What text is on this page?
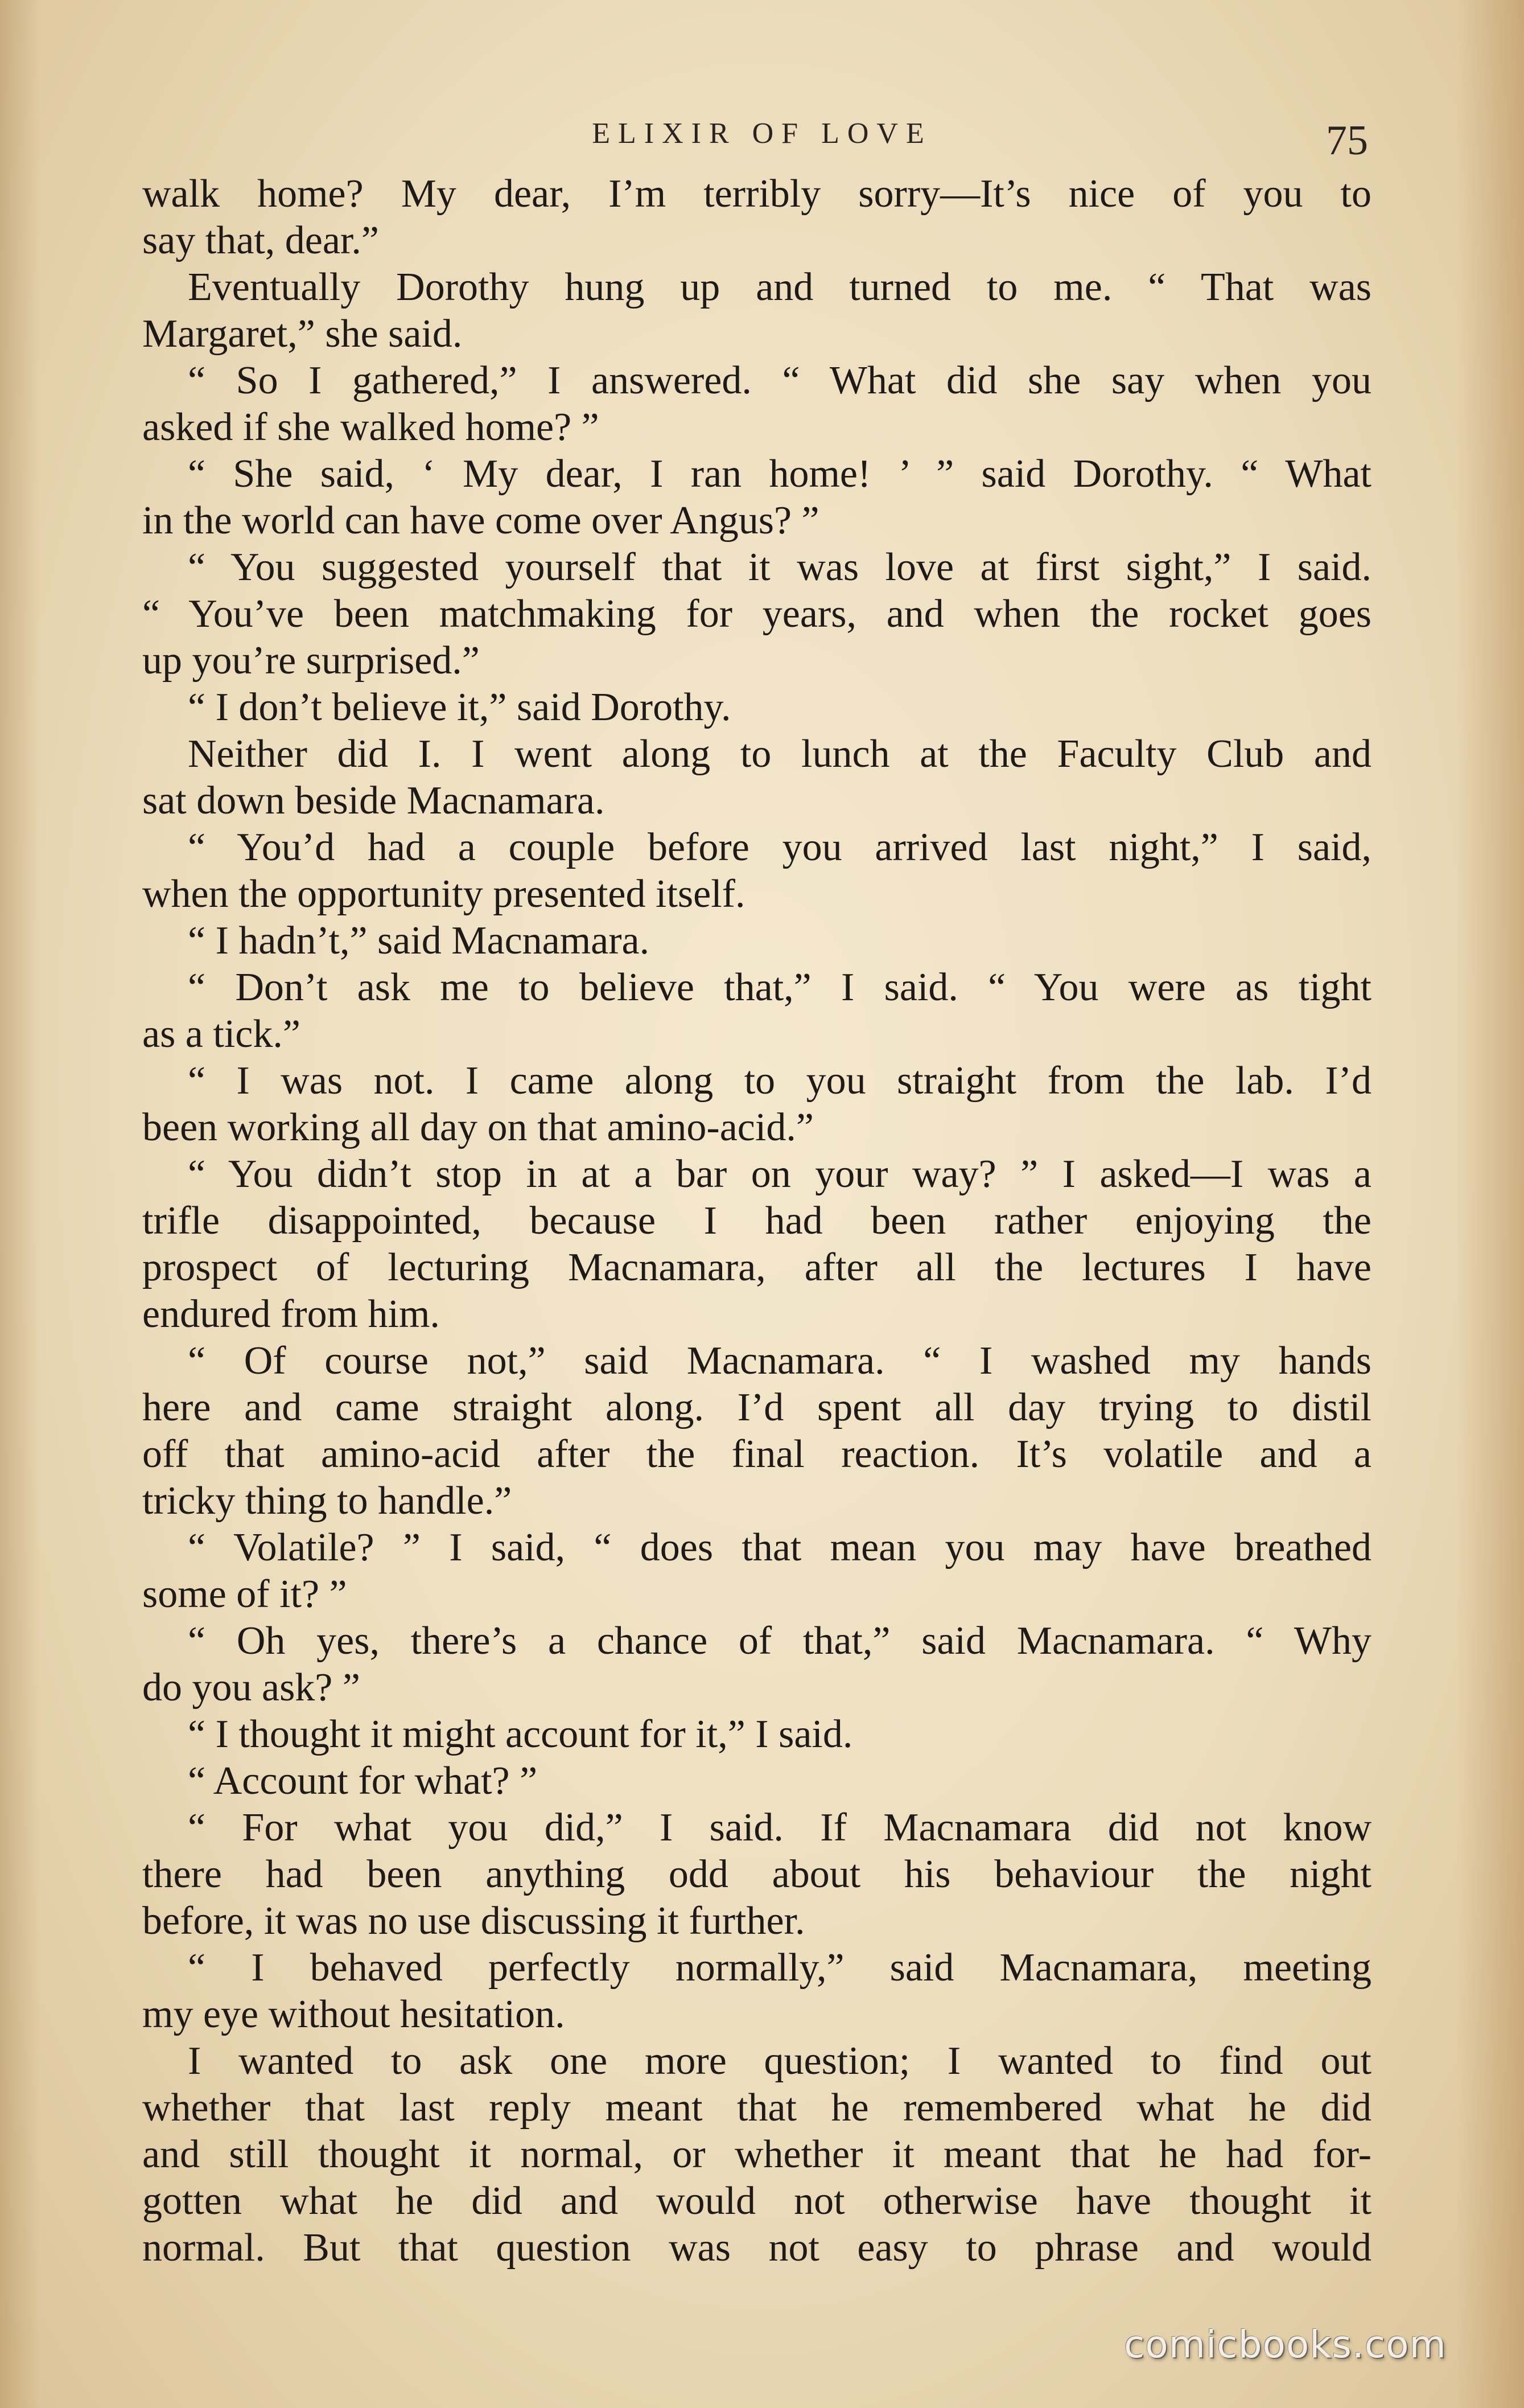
ELIXIR OF LOVE	75
walk home? My dear, I’m terribly sorry—It’s nice of you to
say that, dear.”
Eventually Dorothy hung up and turned to me. “ That was
Margaret,” she said.
“ So I gathered,” I answered. “ What did she say when you
asked if she walked home? ”
“ She said, ‘ My dear, I ran home! ’ ” said Dorothy. “ What
in the world can have come over Angus? ”
“ You suggested yourself that it was love at first sight,” I said.
“ You’ve been matchmaking for years, and when the rocket goes
up you’re surprised.”
“ I don’t believe it,” said Dorothy.
Neither did I. I went along to lunch at the Faculty Club and
sat down beside Macnamara.
“ You’d had a couple before you arrived last night,” I said,
when the opportunity presented itself.
“ I hadn’t,” said Macnamara.
“ Don’t ask me to believe that,” I said. “ You were as tight
as a tick.”
“ I was not. I came along to you straight from the lab. I’d
been working all day on that amino-acid.”
“ You didn’t stop in at a bar on your way? ” I asked—I was a
trifle disappointed, because I had been rather enjoying the
prospect of lecturing Macnamara, after all the lectures I have
endured from him.
“ Of course not,” said Macnamara. “ I washed my hands
here and came straight along. I’d spent all day trying to distil
off that amino-acid after the final reaction. It’s volatile and a
tricky thing to handle.”
“ Volatile? ” I said, “ does that mean you may have breathed
some of it? ”
“ Oh yes, there’s a chance of that,” said Macnamara. “ Why
do you ask? ”
“ I thought it might account for it,” I said.
“ Account for what? ”
“ For what you did,” I said. If Macnamara did not know
there had been anything odd about his behaviour the night
before, it was no use discussing it further.
“ I behaved perfectly normally,” said Macnamara, meeting
my eye without hesitation.
I wanted to ask one more question; I wanted to find out
whether that last reply meant that he remembered what he did
and still thought it normal, or whether it meant that he had for-
gotten what he did and would not otherwise have thought it
normal. But that question was not easy to phrase and would
comicbooks.com
